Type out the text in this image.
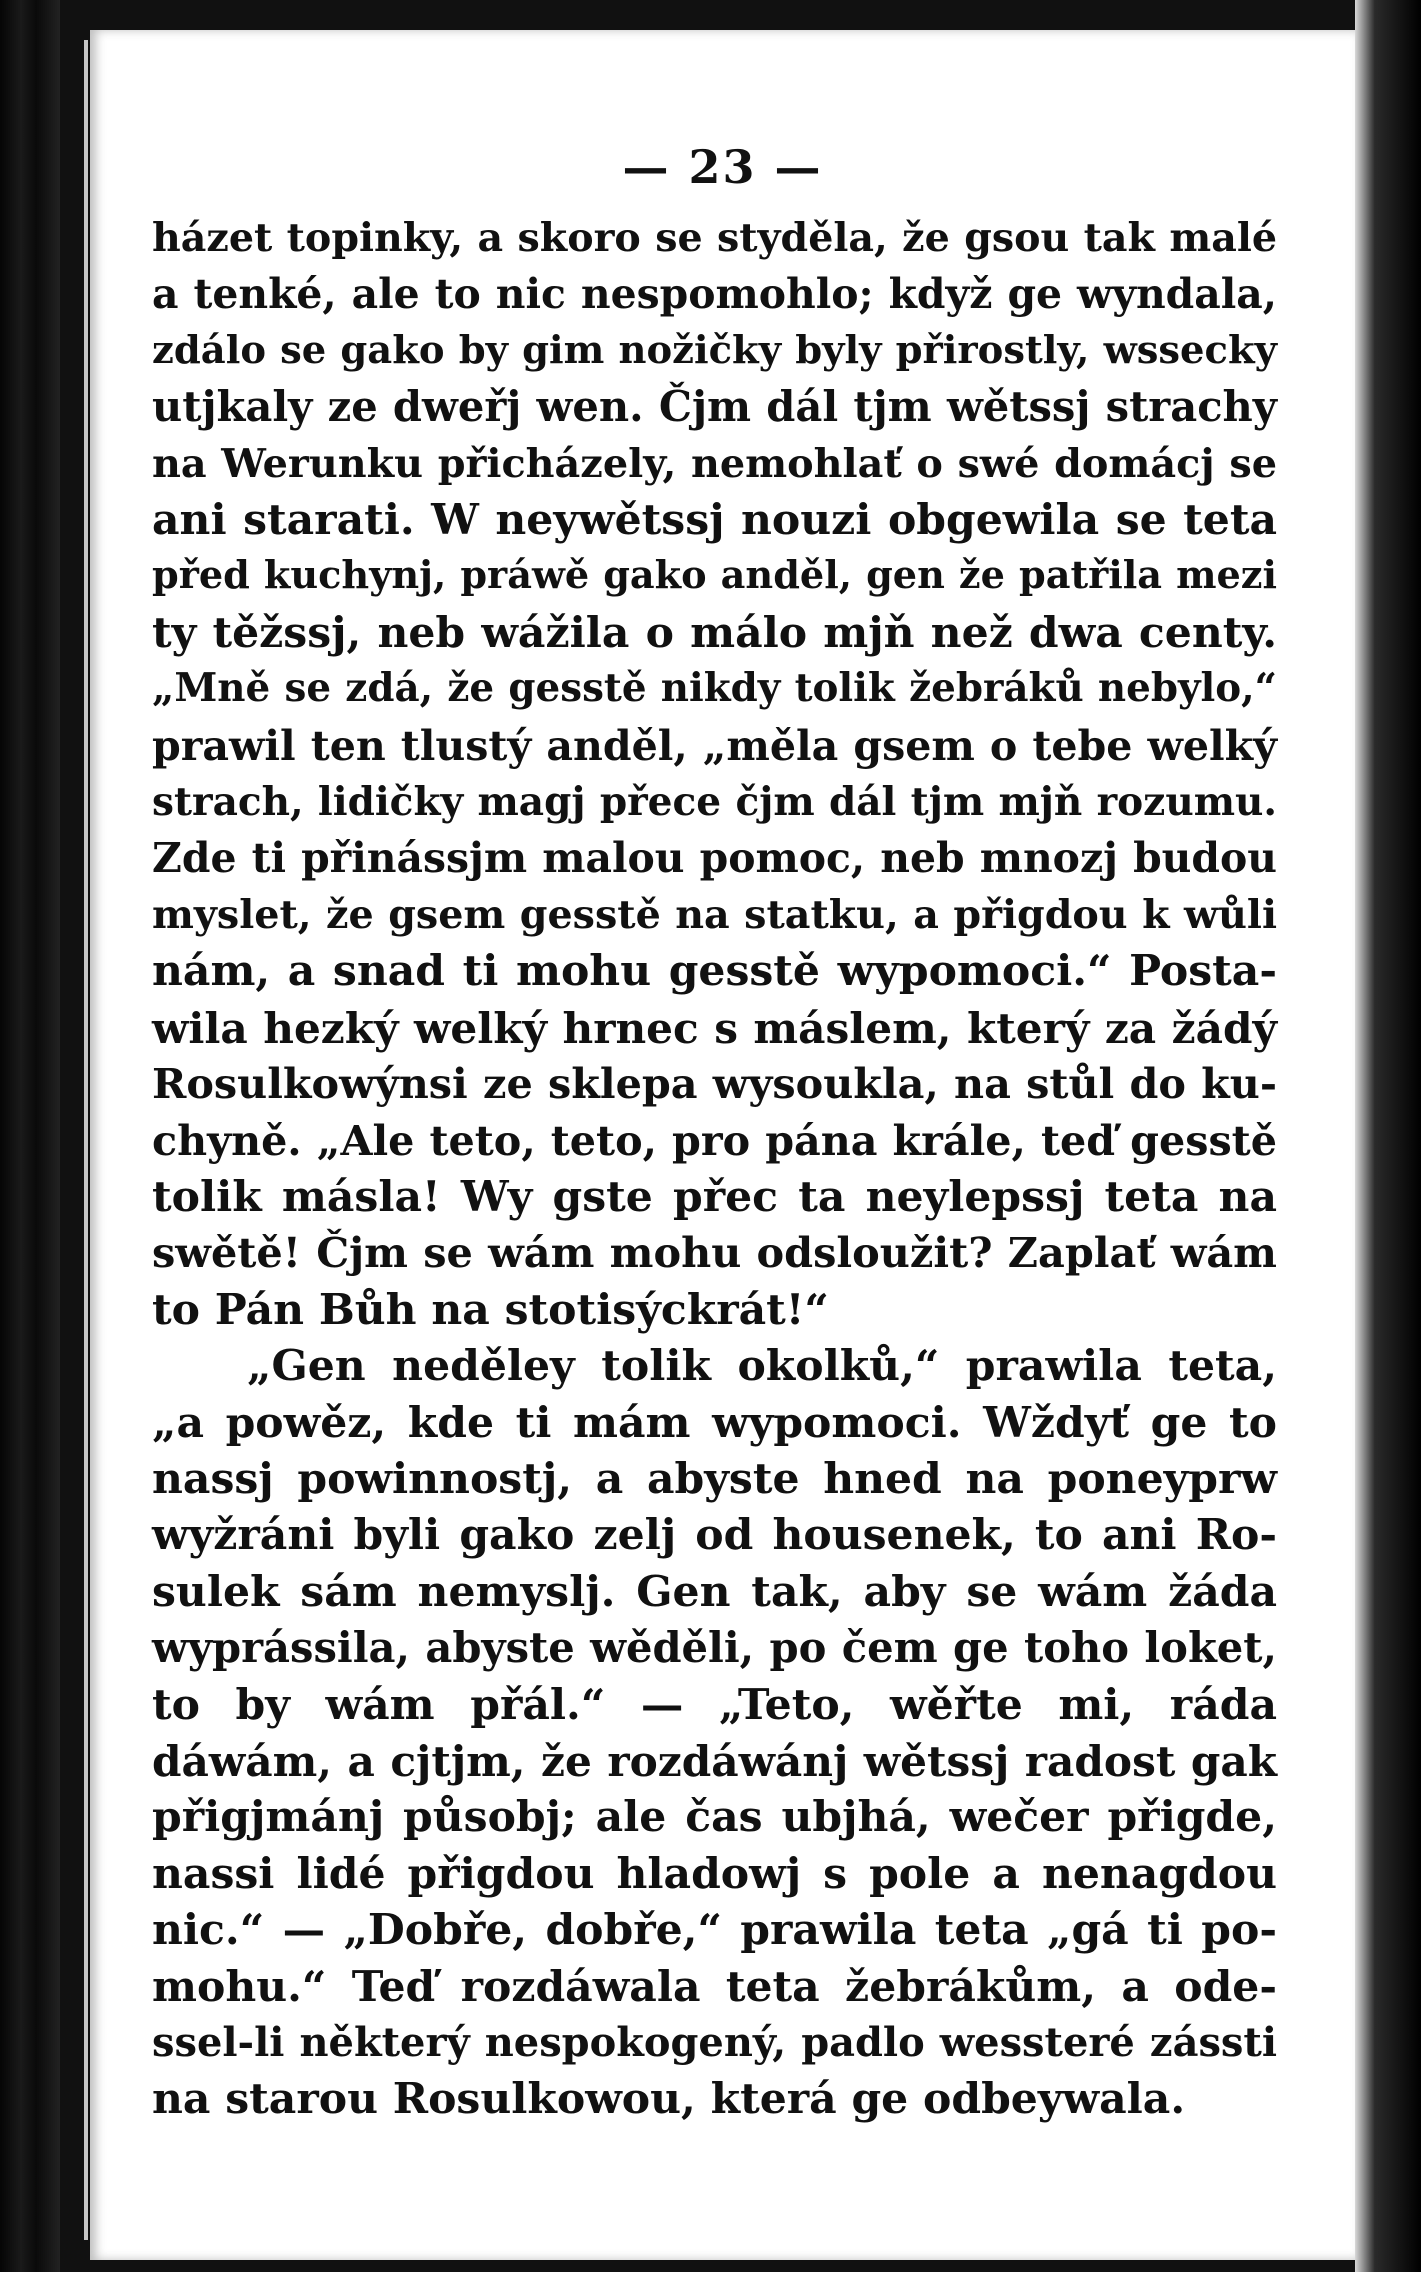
— 23 —
házet topinky, a skoro se styděla, že gsou tak malé
a tenké, ale to nic nespomohlo; když ge wyndala,
zdálo se gako by gim nožičky byly přirostly, wssecky
utjkaly ze dweřj wen. Čjm dál tjm wětssj strachy
na Werunku přicházely, nemohlať o swé domácj se
ani starati. W neywětssj nouzi obgewila se teta
před kuchynj, práwě gako anděl, gen že patřila mezi
ty těžssj, neb wážila o málo mjň než dwa centy.
„Mně se zdá, že gesstě nikdy tolik žebráků nebylo,“
prawil ten tlustý anděl, „měla gsem o tebe welký
strach, lidičky magj přece čjm dál tjm mjň rozumu.
Zde ti přinássjm malou pomoc, neb mnozj budou
myslet, že gsem gesstě na statku, a přigdou k wůli
nám, a snad ti mohu gesstě wypomoci.“ Posta-
wila hezký welký hrnec s máslem, který za žádý
Rosulkowýnsi ze sklepa wysoukla, na stůl do ku-
chyně. „Ale teto, teto, pro pána krále, teď gesstě
tolik másla! Wy gste přec ta neylepssj teta na
swětě! Čjm se wám mohu odsloužit? Zaplať wám
to Pán Bůh na stotisýckrát!“
„Gen neděley tolik okolků,“ prawila teta,
„a powěz, kde ti mám wypomoci. Wždyť ge to
nassj powinnostj, a abyste hned na poneyprw
wyžráni byli gako zelj od housenek, to ani Ro-
sulek sám nemyslj. Gen tak, aby se wám žáda
wyprássila, abyste wěděli, po čem ge toho loket,
to by wám přál.“ — „Teto, wěřte mi, ráda
dáwám, a cjtjm, že rozdáwánj wětssj radost gak
přigjmánj působj; ale čas ubjhá, wečer přigde,
nassi lidé přigdou hladowj s pole a nenagdou
nic.“ — „Dobře, dobře,“ prawila teta „gá ti po-
mohu.“ Teď rozdáwala teta žebrákům, a ode-
ssel-li některý nespokogený, padlo wessteré zássti
na starou Rosulkowou, která ge odbeywala.
